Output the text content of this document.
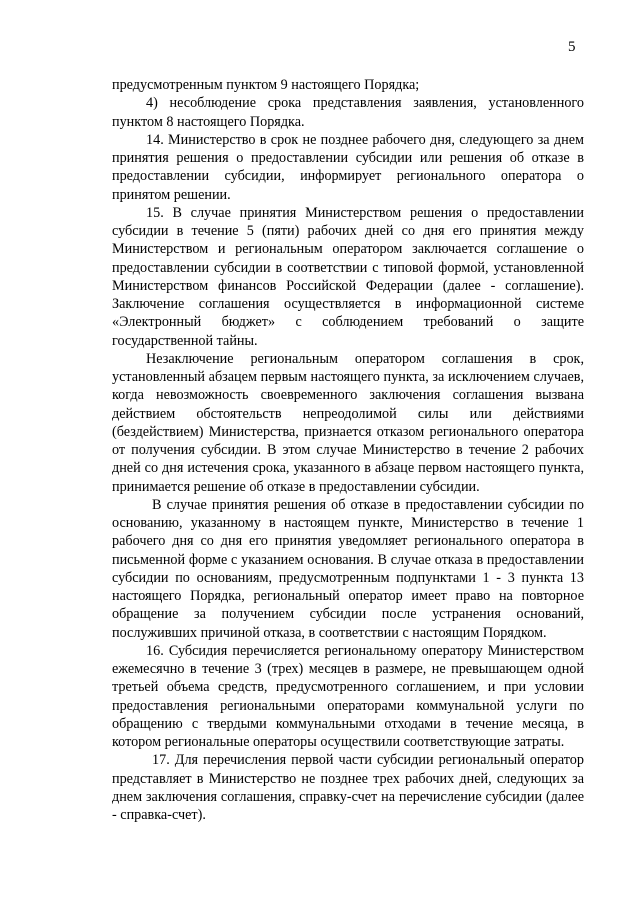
5

предусмотренным пунктом 9 настоящего Порядка;

4) несоблюдение срока представления заявления, установленного пунктом 8 настоящего Порядка.

14. Министерство в срок не позднее рабочего дня, следующего за днем принятия решения о предоставлении субсидии или решения об отказе в предоставлении субсидии, информирует регионального оператора о принятом решении.

15. В случае принятия Министерством решения о предоставлении субсидии в течение 5 (пяти) рабочих дней со дня его принятия между Министерством и региональным оператором заключается соглашение о предоставлении субсидии в соответствии с типовой формой, установленной Министерством финансов Российской Федерации (далее - соглашение). Заключение соглашения осуществляется в информационной системе «Электронный бюджет» с соблюдением требований о защите государственной тайны.

Незаключение региональным оператором соглашения в срок, установленный абзацем первым настоящего пункта, за исключением случаев, когда невозможность своевременного заключения соглашения вызвана действием обстоятельств непреодолимой силы или действиями (бездействием) Министерства, признается отказом регионального оператора от получения субсидии. В этом случае Министерство в течение 2 рабочих дней со дня истечения срока, указанного в абзаце первом настоящего пункта, принимается решение об отказе в предоставлении субсидии.

В случае принятия решения об отказе в предоставлении субсидии по основанию, указанному в настоящем пункте, Министерство в течение 1 рабочего дня со дня его принятия уведомляет регионального оператора в письменной форме с указанием основания. В случае отказа в предоставлении субсидии по основаниям, предусмотренным подпунктами 1 - 3 пункта 13 настоящего Порядка, региональный оператор имеет право на повторное обращение за получением субсидии после устранения оснований, послуживших причиной отказа, в соответствии с настоящим Порядком.

16. Субсидия перечисляется региональному оператору Министерством ежемесячно в течение 3 (трех) месяцев в размере, не превышающем одной третьей объема средств, предусмотренного соглашением, и при условии предоставления региональными операторами коммунальной услуги по обращению с твердыми коммунальными отходами в течение месяца, в котором региональные операторы осуществили соответствующие затраты.

17. Для перечисления первой части субсидии региональный оператор представляет в Министерство не позднее трех рабочих дней, следующих за днем заключения соглашения, справку-счет на перечисление субсидии (далее - справка-счет).
